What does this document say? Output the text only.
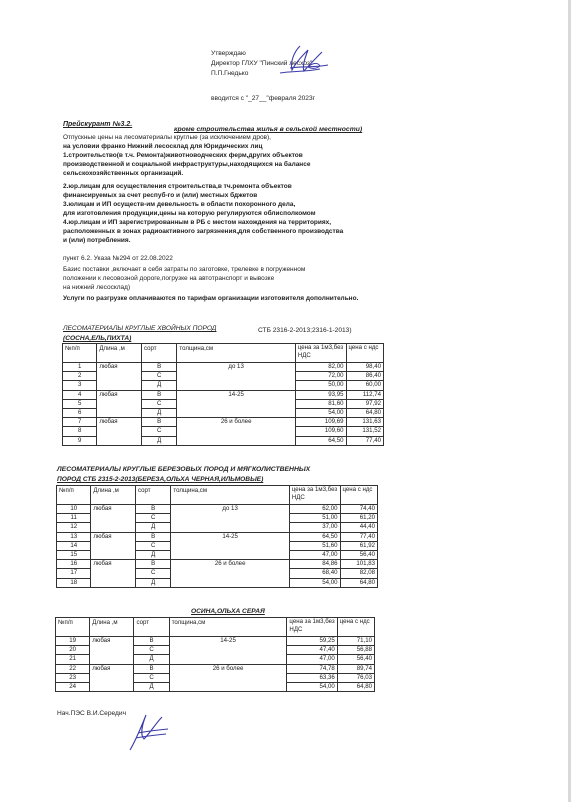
Утверждаю
Директор ГЛХУ "Пинский лесхоз"
П.П.Гнедько
вводится с "_27__"февраля 2023г
Прейскурант №3.2.
кроме строительства жилья в сельской местности)
Отпускные цены на лесоматериалы круглые (за исключением дров),
на условии франко Нижний лесосклад для Юридических лиц
1.строительство(в т.ч. Ремонта)животноводческих ферм,других объектов
производственной и социальной инфраструктуры,находящихся на балансе
сельскохозяйственных организаций.
2.юр.лицам для осуществления строительства,в тч.ремонта объектов
финансируемых за счет респуб-го и (или) местных бджетов
3.юлицам и ИП осуществ-им девельность в области похоронного дела,
для изготовления продукции,цены на которую регулируются облисполкомом
4.юр.лицам и ИП зарегистрированным в РБ с местом нахождения на территориях,
расположенных в зонах радиоактивного загрязнения,для собственного производства
и (или) потребления.
пункт 6.2. Указа №294 от 22.08.2022
Базис поставки ,включает в себя затраты по заготовке, трелевке в погруженном
положении к лесовозной дороге,погрузке на автотранспорт и вывозке
на нижний лесосклад)
Услуги по разгрузке оплачиваются по тарифам организации изготовителя дополнительно.
ЛЕСОМАТЕРИАЛЫ КРУГЛЫЕ ХВОЙНЫХ ПОРОД	СТБ 2316-2-2013;2316-1-2013)
(СОСНА,ЕЛЬ,ПИХТА)
№п/п	Длина ,м	сорт	толщина,см	цена за 1м3,без НДС	цена с ндс
1	любая	В	до 13	82,00	98,40
2		С		72,00	86,40
3		Д		50,00	60,00
4	любая	В	14-25	93,95	112,74
5		С		81,60	97,92
6		Д		54,00	64,80
7	любая	В	26 и более	109,69	131,63
8		С		109,60	131,52
9		Д		64,50	77,40
ЛЕСОМАТЕРИАЛЫ КРУГЛЫЕ БЕРЕЗОВЫХ ПОРОД И МЯГКОЛИСТВЕННЫХ
ПОРОД СТБ 2315-2-2013(БЕРЕЗА,ОЛЬХА ЧЕРНАЯ,ИЛЬМОВЫЕ)
№п/п	Длина ,м	сорт	толщина,см	цена за 1м3,без НДС	цена с ндс
10	любая	В	до 13	62,00	74,40
11		С		51,00	61,20
12		Д		37,00	44,40
13	любая	В	14-25	64,50	77,40
14		С		51,60	61,92
15		Д		47,00	56,40
16	любая	В	26 и более	84,86	101,83
17		С		68,40	82,08
18		Д		54,00	64,80
ОСИНА,ОЛЬХА СЕРАЯ
№п/п	Длина ,м	сорт	толщина,см	цена за 1м3,без НДС	цена с ндс
19	любая	В	14-25	59,25	71,10
20		С		47,40	56,88
21		Д		47,00	56,40
22	любая	В	26 и более	74,78	89,74
23		С		63,36	76,03
24		Д		54,00	64,80
Нач.ПЭС В.И.Середич
